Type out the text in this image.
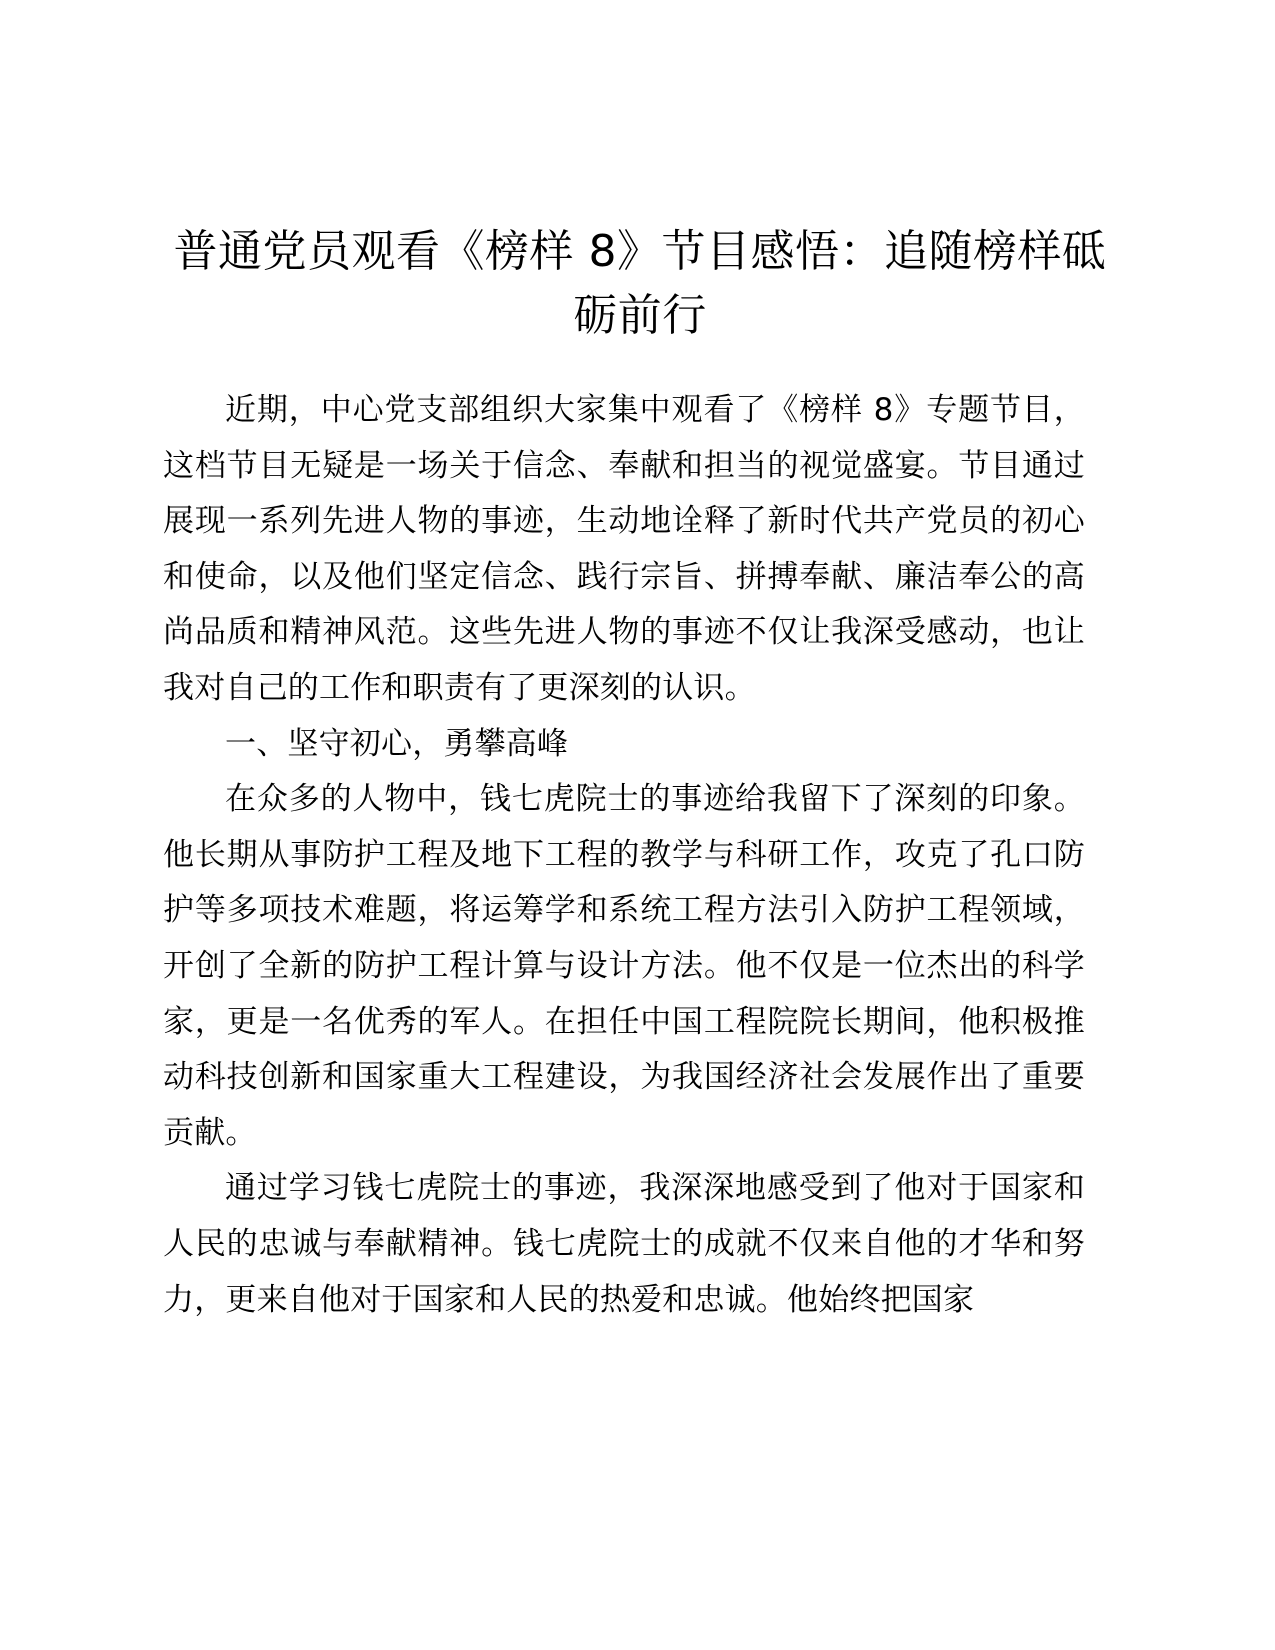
普通党员观看《榜样 8》节目感悟：追随榜样砥砺前行

近期，中心党支部组织大家集中观看了《榜样 8》专题节目，这档节目无疑是一场关于信念、奉献和担当的视觉盛宴。节目通过展现一系列先进人物的事迹，生动地诠释了新时代共产党员的初心和使命，以及他们坚定信念、践行宗旨、拼搏奉献、廉洁奉公的高尚品质和精神风范。这些先进人物的事迹不仅让我深受感动，也让我对自己的工作和职责有了更深刻的认识。

一、坚守初心，勇攀高峰

在众多的人物中，钱七虎院士的事迹给我留下了深刻的印象。他长期从事防护工程及地下工程的教学与科研工作，攻克了孔口防护等多项技术难题，将运筹学和系统工程方法引入防护工程领域，开创了全新的防护工程计算与设计方法。他不仅是一位杰出的科学家，更是一名优秀的军人。在担任中国工程院院长期间，他积极推动科技创新和国家重大工程建设，为我国经济社会发展作出了重要贡献。

通过学习钱七虎院士的事迹，我深深地感受到了他对于国家和人民的忠诚与奉献精神。钱七虎院士的成就不仅来自他的才华和努力，更来自他对于国家和人民的热爱和忠诚。他始终把国家
